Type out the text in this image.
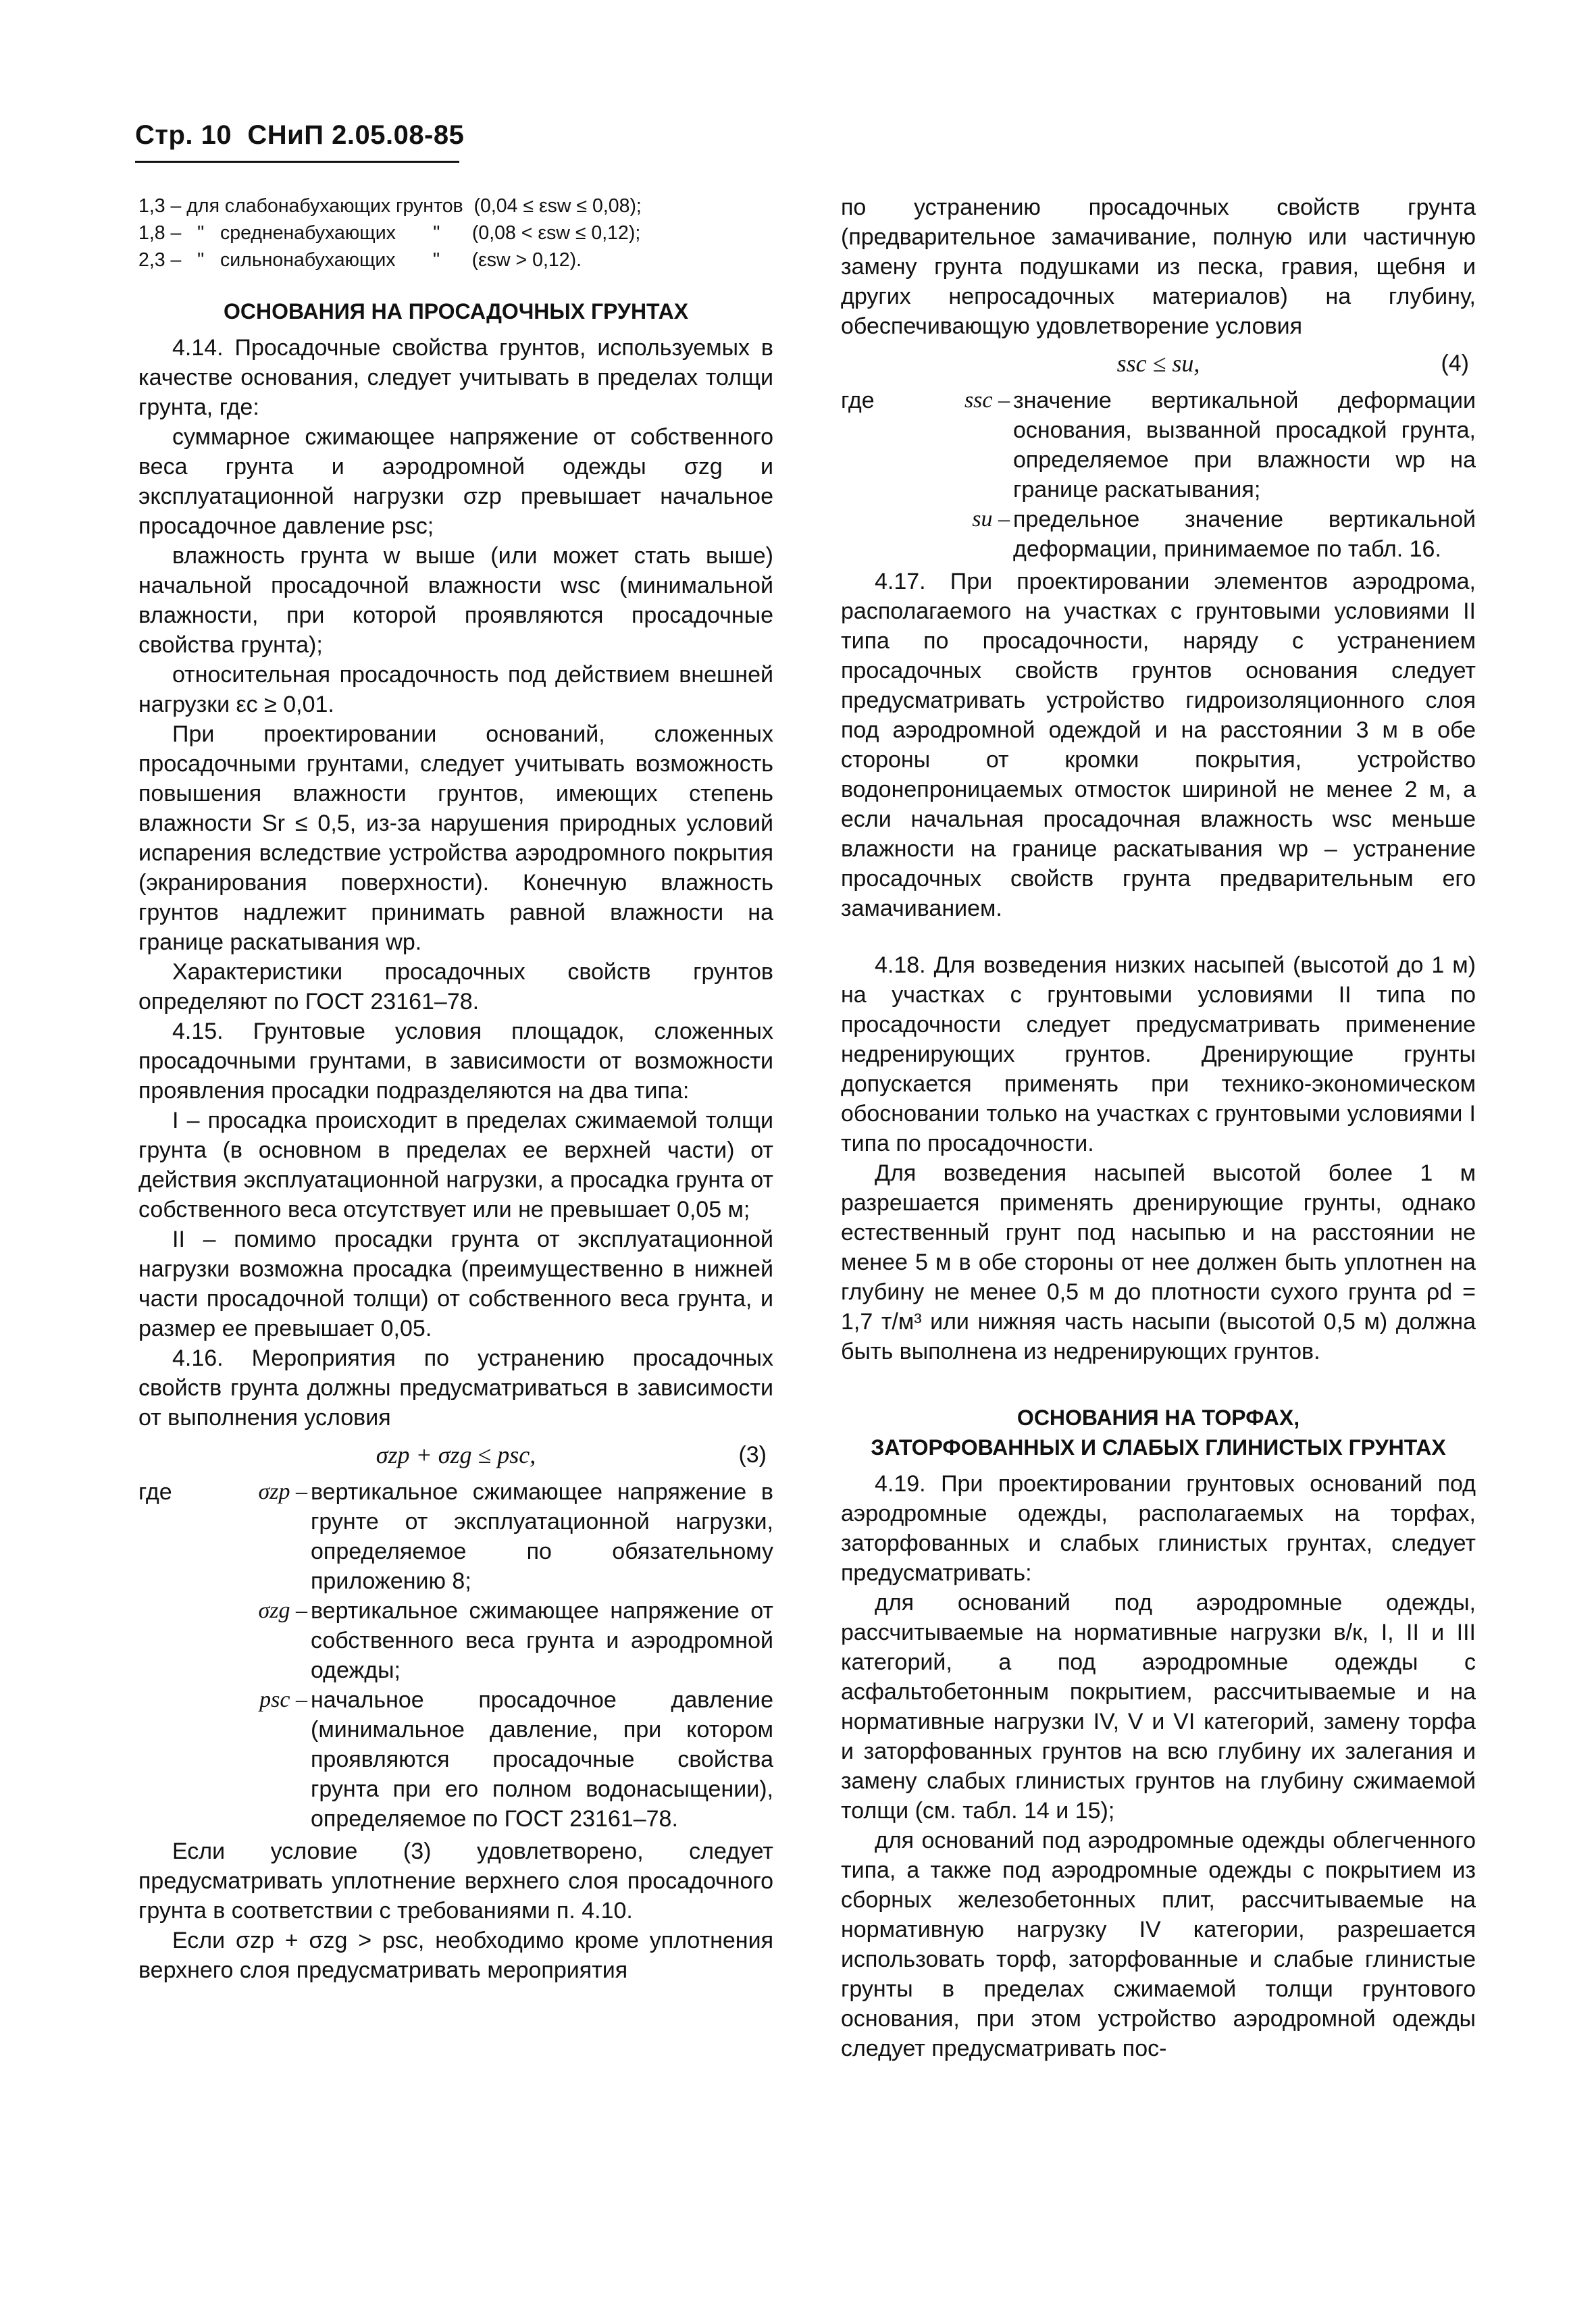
Стр. 10 СНиП 2.05.08-85
1,3 – для слабонабухающих грунтов  (0,04 ≤ εsw ≤ 0,08);
1,8 –   "   средненабухающих       "      (0,08 < εsw ≤ 0,12);
2,3 –   "   сильнонабухающих       "      (εsw > 0,12).
ОСНОВАНИЯ НА ПРОСАДОЧНЫХ ГРУНТАХ

4.14. Просадочные свойства грунтов, используемых в качестве основания, следует учитывать в пределах толщи грунта, где:

суммарное сжимающее напряжение от собственного веса грунта и аэродромной одежды σzg и эксплуатационной нагрузки σzp превышает начальное просадочное давление psc;

влажность грунта w выше (или может стать выше) начальной просадочной влажности wsc (минимальной влажности, при которой проявляются просадочные свойства грунта);

относительная просадочность под действием внешней нагрузки εc ≥ 0,01.

При проектировании оснований, сложенных просадочными грунтами, следует учитывать возможность повышения влажности грунтов, имеющих степень влажности Sr ≤ 0,5, из-за нарушения природных условий испарения вследствие устройства аэродромного покрытия (экранирования поверхности). Конечную влажность грунтов надлежит принимать равной влажности на границе раскатывания wp.

Характеристики просадочных свойств грунтов определяют по ГОСТ 23161–78.

4.15. Грунтовые условия площадок, сложенных просадочными грунтами, в зависимости от возможности проявления просадки подразделяются на два типа:

I – просадка происходит в пределах сжимаемой толщи грунта (в основном в пределах ее верхней части) от действия эксплуатационной нагрузки, а просадка грунта от собственного веса отсутствует или не превышает 0,05 м;

II – помимо просадки грунта от эксплуатационной нагрузки возможна просадка (преимущественно в нижней части просадочной толщи) от собственного веса грунта, и размер ее превышает 0,05.

4.16. Мероприятия по устранению просадочных свойств грунта должны предусматриваться в зависимости от выполнения условия

σzp + σzg ≤ psc,	(3)

где	σzp – вертикальное сжимающее напряжение в грунте от эксплуатационной нагрузки, определяемое по обязательному приложению 8;

σzg – вертикальное сжимающее напряжение от собственного веса грунта и аэродромной одежды;

psc – начальное просадочное давление (минимальное давление, при котором проявляются просадочные свойства грунта при его полном водонасыщении), определяемое по ГОСТ 23161–78.

Если условие (3) удовлетворено, следует предусматривать уплотнение верхнего слоя просадочного грунта в соответствии с требованиями п. 4.10.

Если σzp + σzg > psc, необходимо кроме уплотнения верхнего слоя предусматривать мероприятия

по устранению просадочных свойств грунта (предварительное замачивание, полную или частичную замену грунта подушками из песка, гравия, щебня и других непросадочных материалов) на глубину, обеспечивающую удовлетворение условия

ssc ≤ su,	(4)

где	ssc – значение вертикальной деформации основания, вызванной просадкой грунта, определяемое при влажности wp на границе раскатывания;

su – предельное значение вертикальной деформации, принимаемое по табл. 16.

4.17. При проектировании элементов аэродрома, располагаемого на участках с грунтовыми условиями II типа по просадочности, наряду с устранением просадочных свойств грунтов основания следует предусматривать устройство гидроизоляционного слоя под аэродромной одеждой и на расстоянии 3 м в обе стороны от кромки покрытия, устройство водонепроницаемых отмосток шириной не менее 2 м, а если начальная просадочная влажность wsc меньше влажности на границе раскатывания wp – устранение просадочных свойств грунта предварительным его замачиванием.

4.18. Для возведения низких насыпей (высотой до 1 м) на участках с грунтовыми условиями II типа по просадочности следует предусматривать применение недренирующих грунтов. Дренирующие грунты допускается применять при технико-экономическом обосновании только на участках с грунтовыми условиями I типа по просадочности.

Для возведения насыпей высотой более 1 м разрешается применять дренирующие грунты, однако естественный грунт под насыпью и на расстоянии не менее 5 м в обе стороны от нее должен быть уплотнен на глубину не менее 0,5 м до плотности сухого грунта ρd = 1,7 т/м³ или нижняя часть насыпи (высотой 0,5 м) должна быть выполнена из недренирующих грунтов.

ОСНОВАНИЯ НА ТОРФАХ,
ЗАТОРФОВАННЫХ И СЛАБЫХ ГЛИНИСТЫХ ГРУНТАХ

4.19. При проектировании грунтовых оснований под аэродромные одежды, располагаемых на торфах, заторфованных и слабых глинистых грунтах, следует предусматривать:

для оснований под аэродромные одежды, рассчитываемые на нормативные нагрузки в/к, I, II и III категорий, а под аэродромные одежды с асфальтобетонным покрытием, рассчитываемые и на нормативные нагрузки IV, V и VI категорий, замену торфа и заторфованных грунтов на всю глубину их залегания и замену слабых глинистых грунтов на глубину сжимаемой толщи (см. табл. 14 и 15);

для оснований под аэродромные одежды облегченного типа, а также под аэродромные одежды с покрытием из сборных железобетонных плит, рассчитываемые на нормативную нагрузку IV категории, разрешается использовать торф, заторфованные и слабые глинистые грунты в пределах сжимаемой толщи грунтового основания, при этом устройство аэродромной одежды следует предусматривать пос-
